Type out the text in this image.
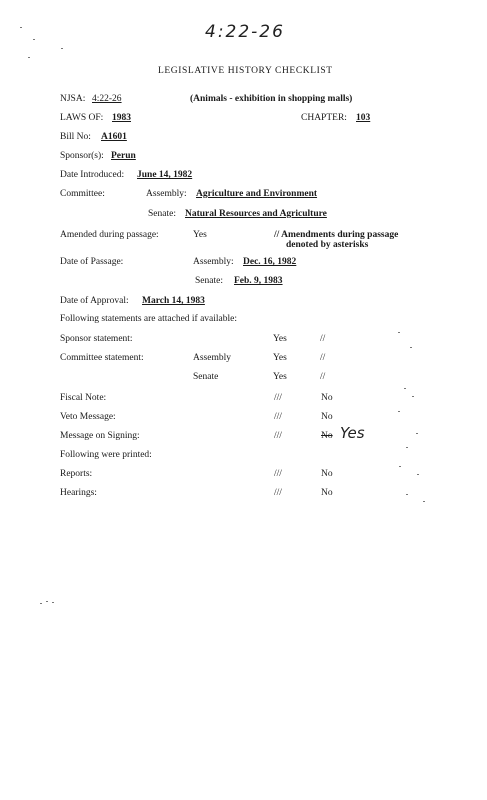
4:22-26
LEGISLATIVE HISTORY CHECKLIST
NJSA: 4:22-26	(Animals - exhibition in shopping malls)
LAWS OF: 1983	CHAPTER: 103
Bill No: A1601
Sponsor(s): Perun
Date Introduced: June 14, 1982
Committee:	Assembly: Agriculture and Environment
Senate: Natural Resources and Agriculture
Amended during passage:	Yes	// Amendments during passage
denoted by asterisks
Date of Passage:	Assembly: Dec. 16, 1982
Senate: Feb. 9, 1983
Date of Approval: March 14, 1983
Following statements are attached if available:
Sponsor statement:	Yes	//
Committee statement:	Assembly	Yes	//
Senate	Yes	//
Fiscal Note:	///	No
Veto Message:	///	No
Message on Signing:	///	No Yes
Following were printed:
Reports:	///	No
Hearings:	///	No
